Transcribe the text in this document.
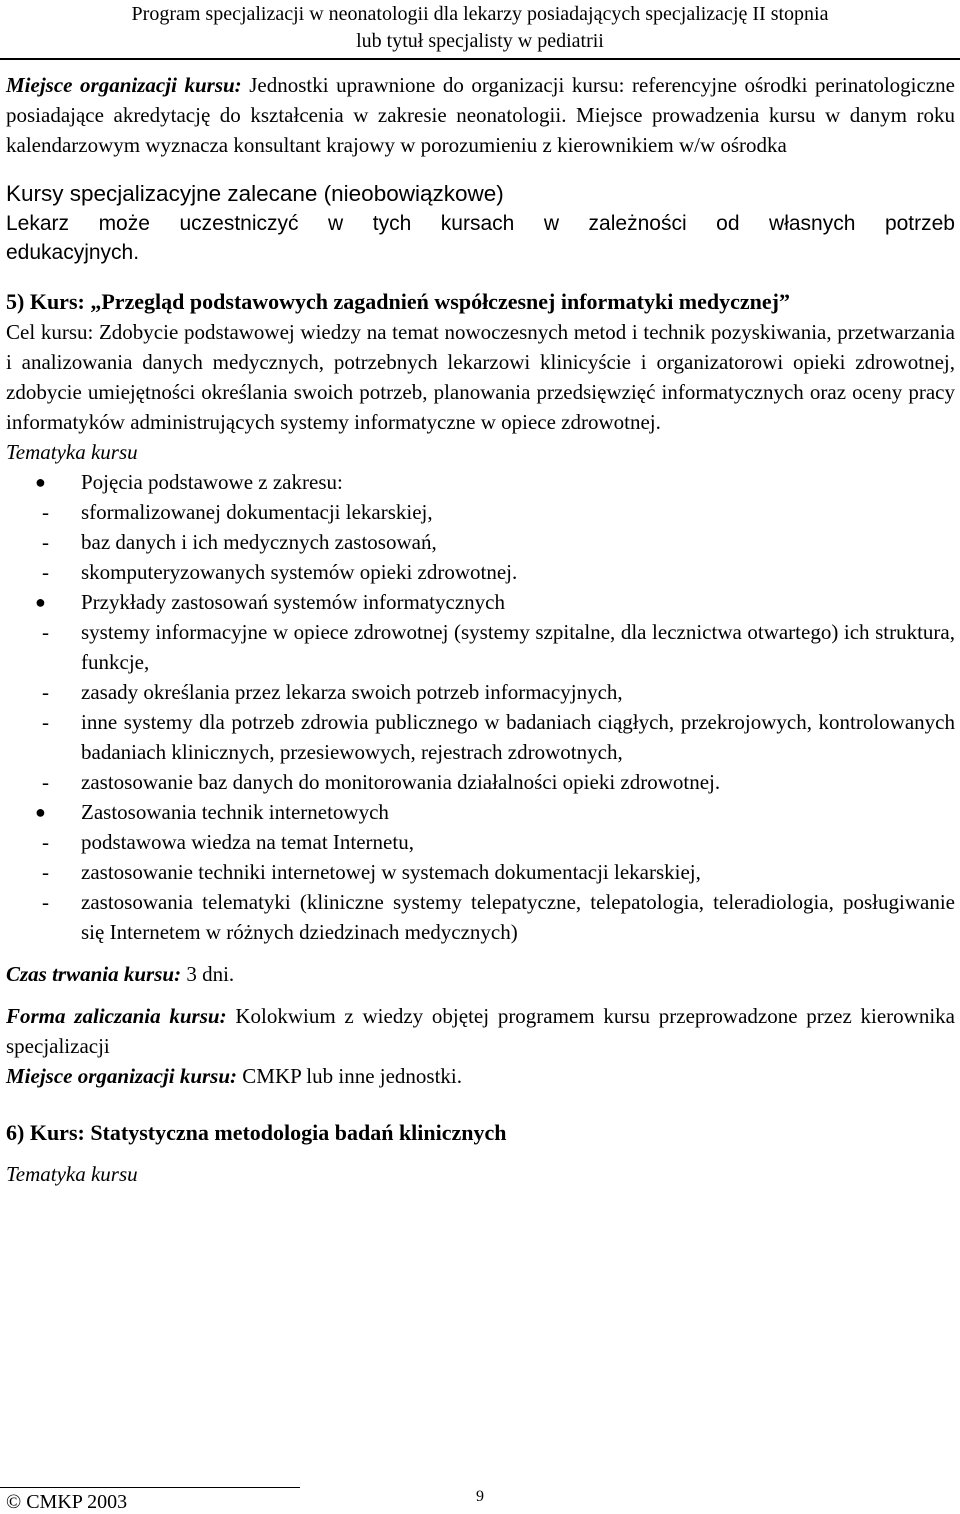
Program specjalizacji w neonatologii dla lekarzy posiadających specjalizację II stopnia
lub tytuł specjalisty w pediatrii
Miejsce organizacji kursu: Jednostki uprawnione do organizacji kursu: referencyjne ośrodki perinatologiczne posiadające akredytację do kształcenia w zakresie neonatologii. Miejsce prowadzenia kursu w danym roku kalendarzowym wyznacza konsultant krajowy w porozumieniu z kierownikiem w/w ośrodka
Kursy specjalizacyjne zalecane (nieobowiązkowe)
Lekarz może uczestniczyć w tych kursach w zależności od własnych potrzeb edukacyjnych.
5) Kurs: „Przegląd podstawowych zagadnień współczesnej informatyki medycznej”
Cel kursu: Zdobycie podstawowej wiedzy na temat nowoczesnych metod i technik pozyskiwania, przetwarzania i analizowania danych medycznych, potrzebnych lekarzowi klinicyście i organizatorowi opieki zdrowotnej, zdobycie umiejętności określania swoich potrzeb, planowania przedsięwzięć informatycznych oraz oceny pracy informatyków administrujących systemy informatyczne w opiece zdrowotnej.
Tematyka kursu
● Pojęcia podstawowe z zakresu:
-	sformalizowanej dokumentacji lekarskiej,
-	baz danych i ich medycznych zastosowań,
-	skomputeryzowanych systemów opieki zdrowotnej.
● Przykłady zastosowań systemów informatycznych
-	systemy informacyjne w opiece zdrowotnej (systemy szpitalne, dla lecznictwa otwartego) ich struktura, funkcje,
-	zasady określania przez lekarza swoich potrzeb informacyjnych,
-	inne systemy dla potrzeb zdrowia publicznego w badaniach ciągłych, przekrojowych, kontrolowanych badaniach klinicznych, przesiewowych, rejestrach zdrowotnych,
-	zastosowanie baz danych do monitorowania działalności opieki zdrowotnej.
● Zastosowania technik internetowych
-	podstawowa wiedza na temat Internetu,
-	zastosowanie techniki internetowej w systemach dokumentacji lekarskiej,
-	zastosowania telematyki (kliniczne systemy telepatyczne, telepatologia, teleradiologia, posługiwanie się Internetem w różnych dziedzinach medycznych)
Czas trwania kursu: 3 dni.
Forma zaliczania kursu: Kolokwium z wiedzy objętej programem kursu przeprowadzone przez kierownika specjalizacji
Miejsce organizacji kursu: CMKP lub inne jednostki.
6) Kurs: Statystyczna metodologia badań klinicznych
Tematyka kursu
© CMKP 2003	9
